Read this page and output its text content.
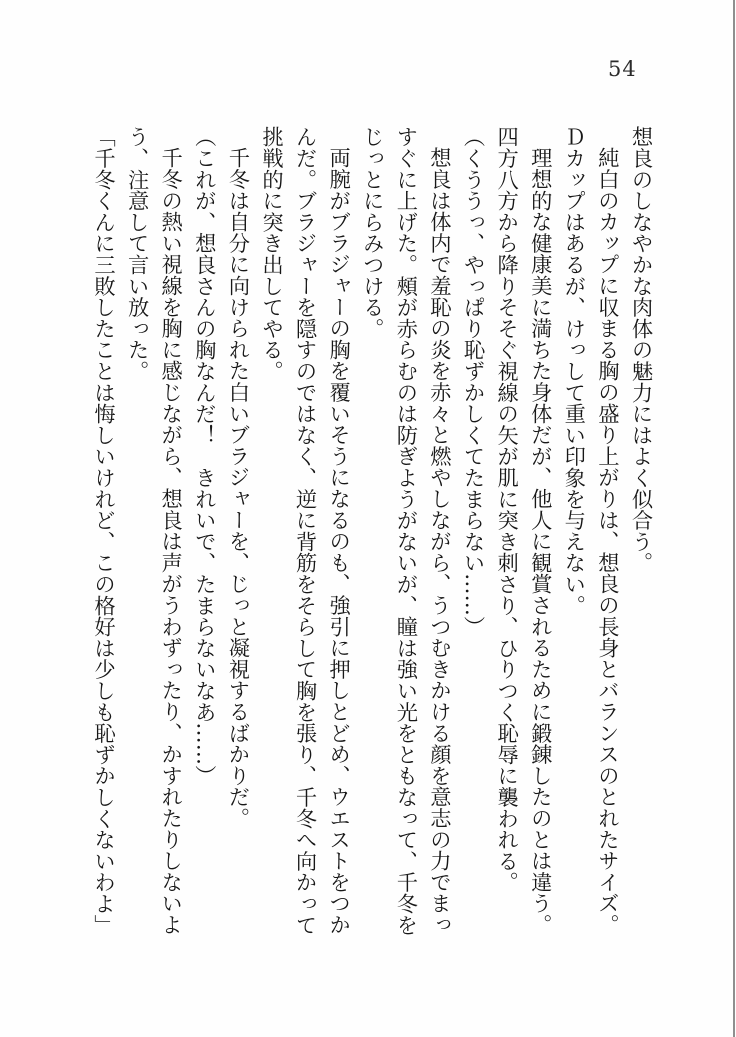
54

想良のしなやかな肉体の魅力にはよく似合う。

純白のカップに収まる胸の盛り上がりは、想良の長身とバランスのとれたサイズ。Ｄカップはあるが、けっして重い印象を与えない。

理想的な健康美に満ちた身体だが、他人に観賞されるために鍛錬したのとは違う。四方八方から降りそそぐ視線の矢が肌に突き刺さり、ひりつく恥辱に襲われる。

（くううっ、やっぱり恥ずかしくてたまらない……）

想良は体内で羞恥の炎を赤々と燃やしながら、うつむきかける顔を意志の力でまっすぐに上げた。頰が赤らむのは防ぎようがないが、瞳は強い光をともなって、千冬をじっとにらみつける。

両腕がブラジャーの胸を覆いそうになるのも、強引に押しとどめ、ウエストをつかんだ。ブラジャーを隠すのではなく、逆に背筋をそらして胸を張り、千冬へ向かって挑戦的に突き出してやる。

千冬は自分に向けられた白いブラジャーを、じっと凝視するばかりだ。

（これが、想良さんの胸なんだ！　きれいで、たまらないなあ……）

千冬の熱い視線を胸に感じながら、想良は声がうわずったり、かすれたりしないよう、注意して言い放った。

「千冬くんに三敗したことは悔しいけれど、この格好は少しも恥ずかしくないわよ」
